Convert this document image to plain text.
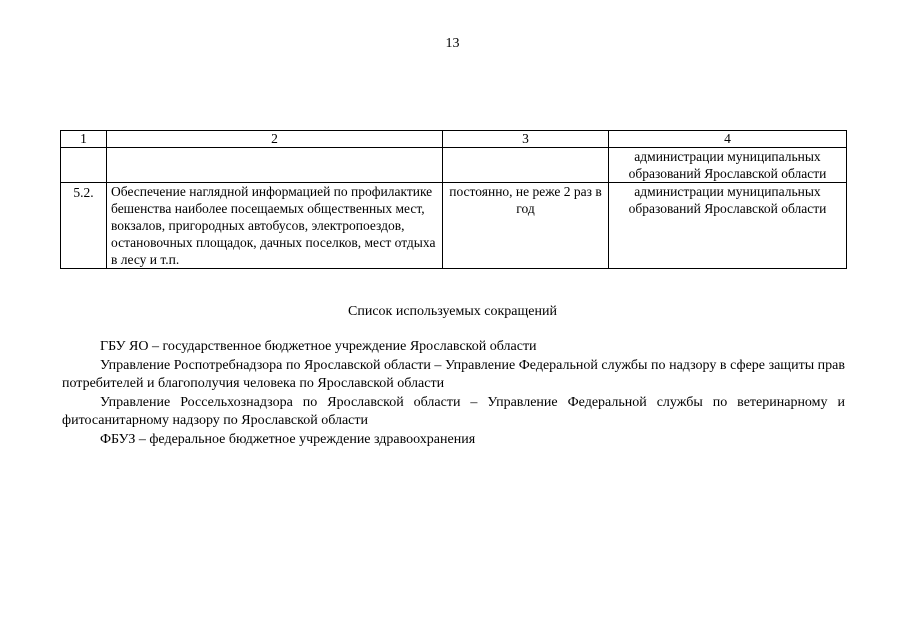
13
1	2	3	4
			администрации муниципальных образований Ярославской области
5.2.	Обеспечение наглядной информацией по профилактике бешенства наиболее посещаемых общественных мест, вокзалов, пригородных автобусов, электропоездов, остановочных площадок, дачных поселков, мест отдыха в лесу и т.п.	постоянно, не реже 2 раз в год	администрации муниципальных образований Ярославской области
Список используемых сокращений

ГБУ ЯО – государственное бюджетное учреждение Ярославской области

Управление Роспотребнадзора по Ярославской области – Управление Федеральной службы по надзору в сфере защиты прав потребителей и благополучия человека по Ярославской области

Управление Россельхознадзора по Ярославской области – Управление Федеральной службы по ветеринарному и фитосанитарному надзору по Ярославской области

ФБУЗ – федеральное бюджетное учреждение здравоохранения
